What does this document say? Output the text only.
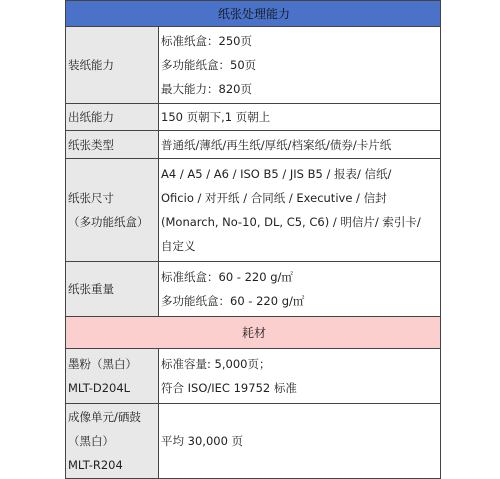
纸张处理能力	
装纸能力	标准纸盒：250页
多功能纸盒：50页
最大能力：820页

出纸能力	150 页朝下,1 页朝上
纸张类型	普通纸/薄纸/再生纸/厚纸/档案纸/债券/卡片纸

纸张尺寸
（多功能纸盒）	A4 / A5 / A6 / ISO B5 / JIS B5 / 报表/ 信纸/
Oficio / 对开纸 / 合同纸 / Executive / 信封
(Monarch, No-10, DL, C5, C6) / 明信片/ 索引卡/
自定义

纸张重量	标准纸盒：60 - 220 g/㎡
多功能纸盒：60 - 220 g/㎡

耗材	

墨粉（黑白）
MLT-D204L	标准容量: 5,000页；
符合 ISO/IEC 19752 标准

成像单元/硒鼓
（黑白）
MLT-R204	平均 30,000 页
